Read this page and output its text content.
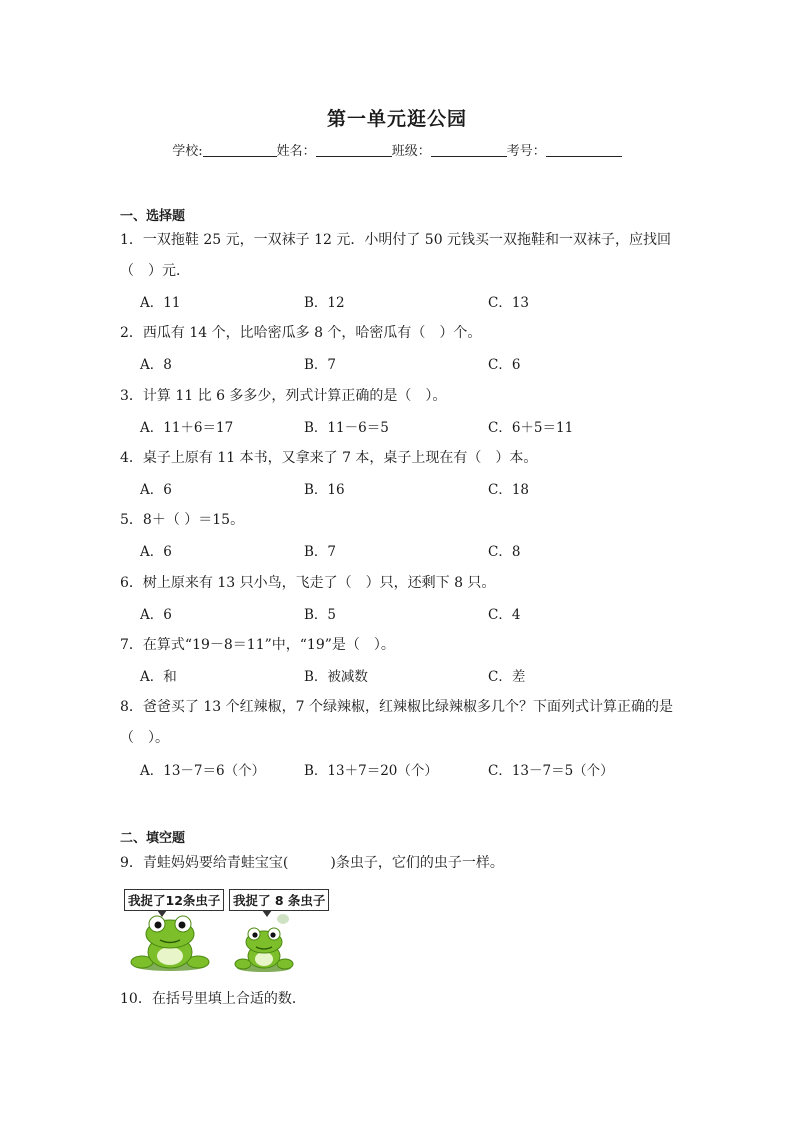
第一单元逛公园
学校:	姓名：	班级：	考号：
一、选择题
1．一双拖鞋 25 元，一双袜子 12 元．小明付了 50 元钱买一双拖鞋和一双袜子，应找回
（　）元．
A．11	B．12	C．13
2．西瓜有 14 个，比哈密瓜多 8 个，哈密瓜有（　）个。
A．8	B．7	C．6
3．计算 11 比 6 多多少，列式计算正确的是（　）。
A．11＋6＝17	B．11－6＝5	C．6＋5＝11
4．桌子上原有 11 本书，又拿来了 7 本，桌子上现在有（　）本。
A．6	B．16	C．18
5．8＋（ ）＝15。
A．6	B．7	C．8
6．树上原来有 13 只小鸟，飞走了（　）只，还剩下 8 只。
A．6	B．5	C．4
7．在算式“19－8＝11”中，“19”是（　）。
A．和	B．被减数	C．差
8．爸爸买了 13 个红辣椒，7 个绿辣椒，红辣椒比绿辣椒多几个？下面列式计算正确的是
（　）。
A．13－7＝6（个）	B．13＋7＝20（个）	C．13－7＝5（个）
二、填空题
9．青蛙妈妈要给青蛙宝宝(　　　)条虫子，它们的虫子一样。
我捉了12条虫子	我捉了 8 条虫子
10．在括号里填上合适的数．
